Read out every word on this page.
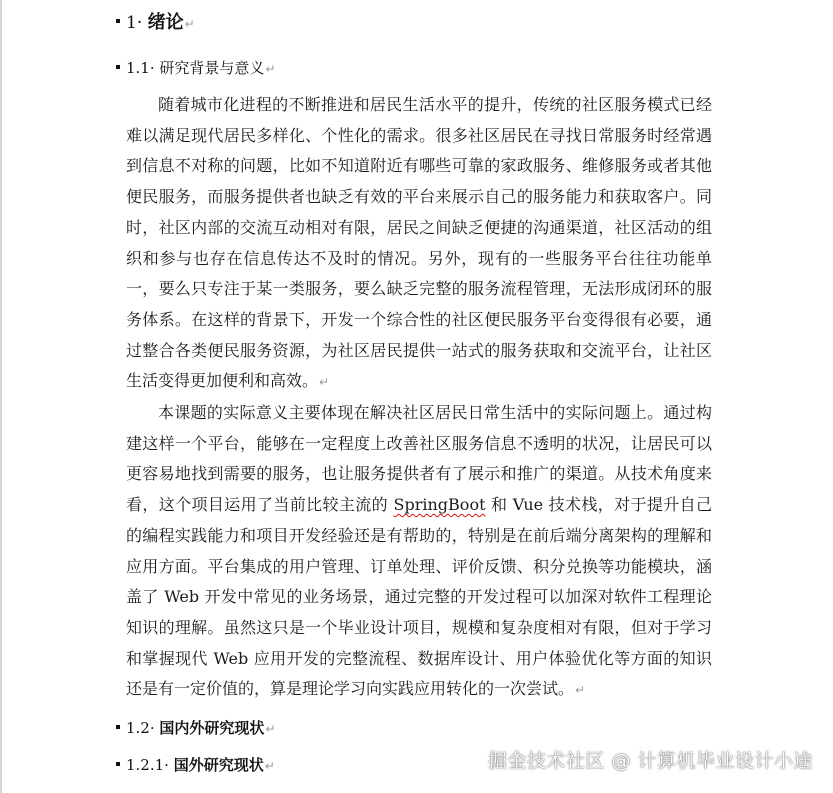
1· 绪论↵
1.1· 研究背景与意义↵
随着城市化进程的不断推进和居民生活水平的提升，传统的社区服务模式已经难以满足现代居民多样化、个性化的需求。很多社区居民在寻找日常服务时经常遇到信息不对称的问题，比如不知道附近有哪些可靠的家政服务、维修服务或者其他便民服务，而服务提供者也缺乏有效的平台来展示自己的服务能力和获取客户。同时，社区内部的交流互动相对有限，居民之间缺乏便捷的沟通渠道，社区活动的组织和参与也存在信息传达不及时的情况。另外，现有的一些服务平台往往功能单一，要么只专注于某一类服务，要么缺乏完整的服务流程管理，无法形成闭环的服务体系。在这样的背景下，开发一个综合性的社区便民服务平台变得很有必要，通过整合各类便民服务资源，为社区居民提供一站式的服务获取和交流平台，让社区生活变得更加便利和高效。↵
本课题的实际意义主要体现在解决社区居民日常生活中的实际问题上。通过构建这样一个平台，能够在一定程度上改善社区服务信息不透明的状况，让居民可以更容易地找到需要的服务，也让服务提供者有了展示和推广的渠道。从技术角度来看，这个项目运用了当前比较主流的 SpringBoot 和 Vue 技术栈，对于提升自己的编程实践能力和项目开发经验还是有帮助的，特别是在前后端分离架构的理解和应用方面。平台集成的用户管理、订单处理、评价反馈、积分兑换等功能模块，涵盖了 Web 开发中常见的业务场景，通过完整的开发过程可以加深对软件工程理论知识的理解。虽然这只是一个毕业设计项目，规模和复杂度相对有限，但对于学习和掌握现代 Web 应用开发的完整流程、数据库设计、用户体验优化等方面的知识还是有一定价值的，算是理论学习向实践应用转化的一次尝试。↵
1.2· 国内外研究现状↵
1.2.1· 国外研究现状↵	掘金技术社区 @ 计算机毕业设计小途
